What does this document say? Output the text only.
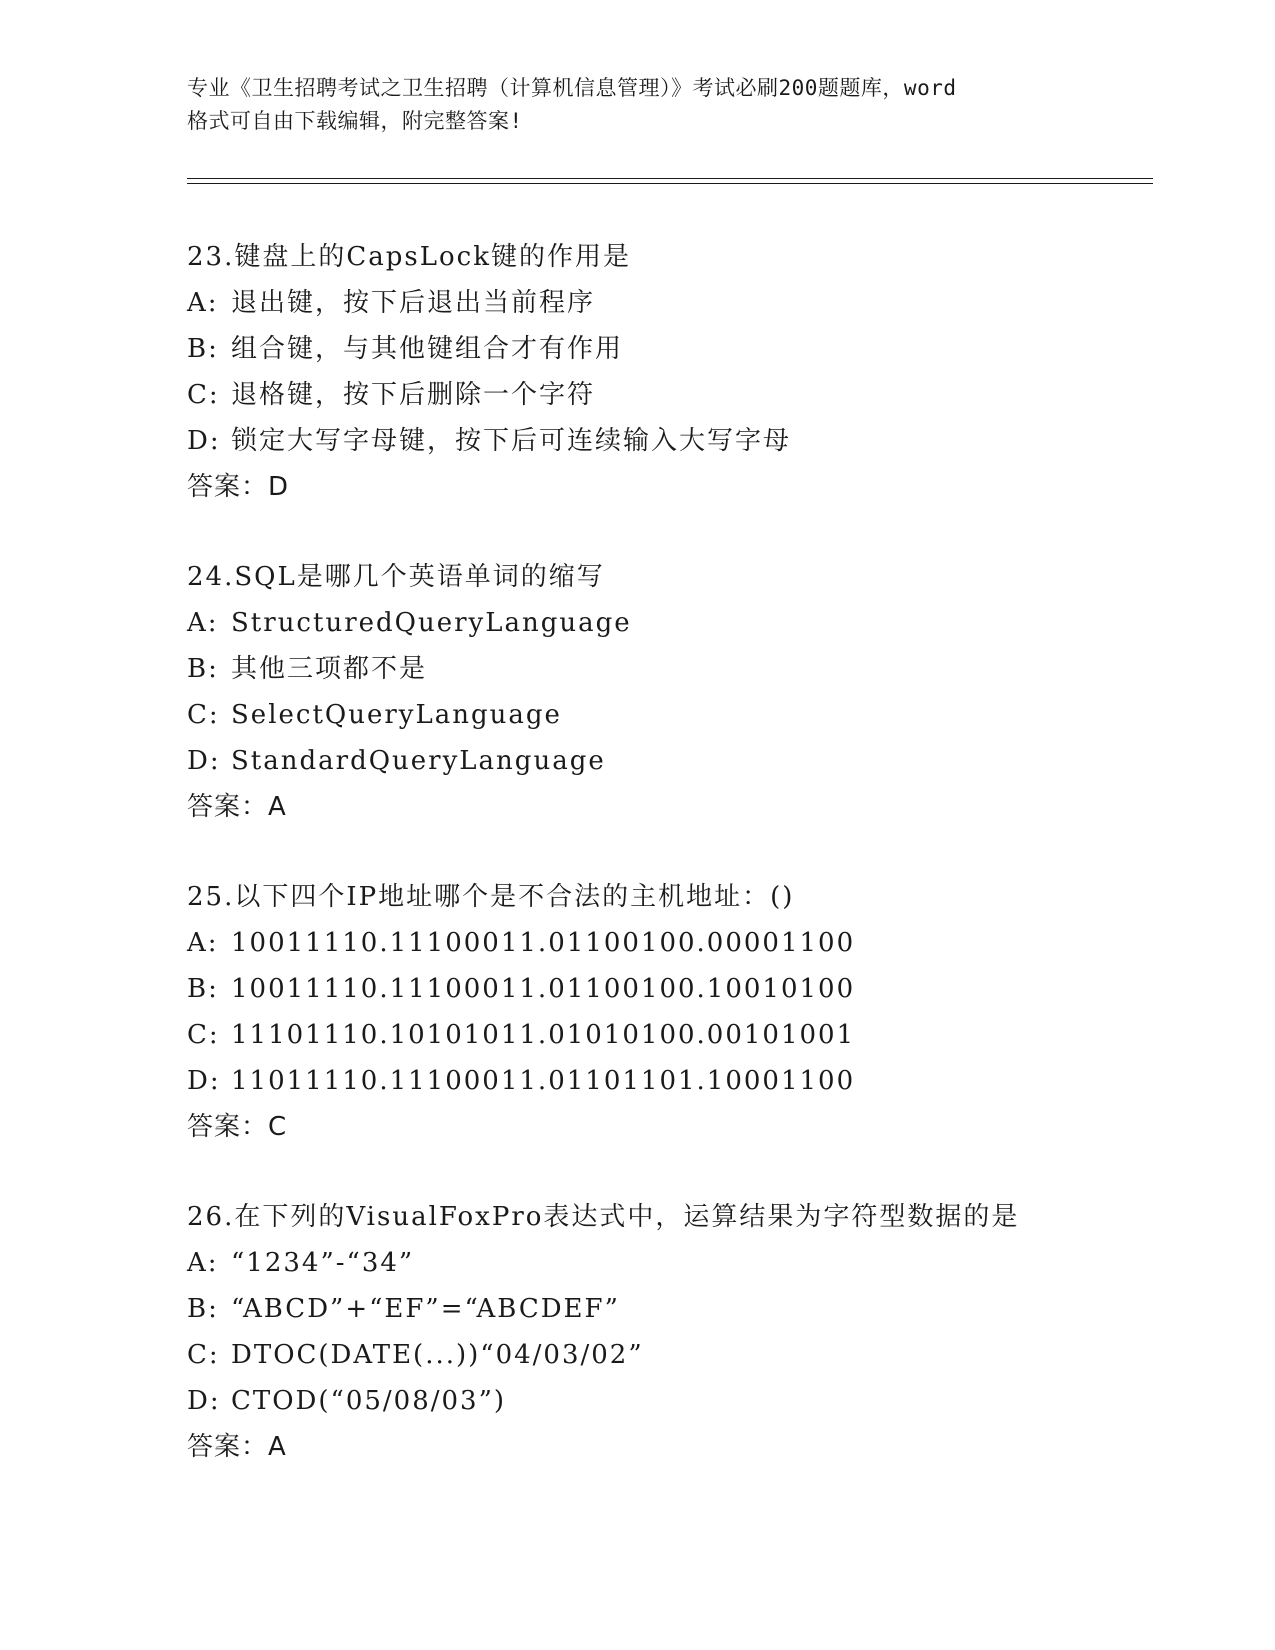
专业《卫生招聘考试之卫生招聘（计算机信息管理）》考试必刷200题题库，word
格式可自由下载编辑，附完整答案!
23.键盘上的CapsLock键的作用是
A: 退出键，按下后退出当前程序
B: 组合键，与其他键组合才有作用
C: 退格键，按下后删除一个字符
D: 锁定大写字母键，按下后可连续输入大写字母
答案：D
24.SQL是哪几个英语单词的缩写
A: StructuredQueryLanguage
B: 其他三项都不是
C: SelectQueryLanguage
D: StandardQueryLanguage
答案：A
25.以下四个IP地址哪个是不合法的主机地址：()
A: 10011110.11100011.01100100.00001100
B: 10011110.11100011.01100100.10010100
C: 11101110.10101011.01010100.00101001
D: 11011110.11100011.01101101.10001100
答案：C
26.在下列的VisualFoxPro表达式中，运算结果为字符型数据的是
A: “1234”-“34”
B: “ABCD”+“EF”=“ABCDEF”
C: DTOC(DATE(...))“04/03/02”
D: CTOD(“05/08/03”)
答案：A
